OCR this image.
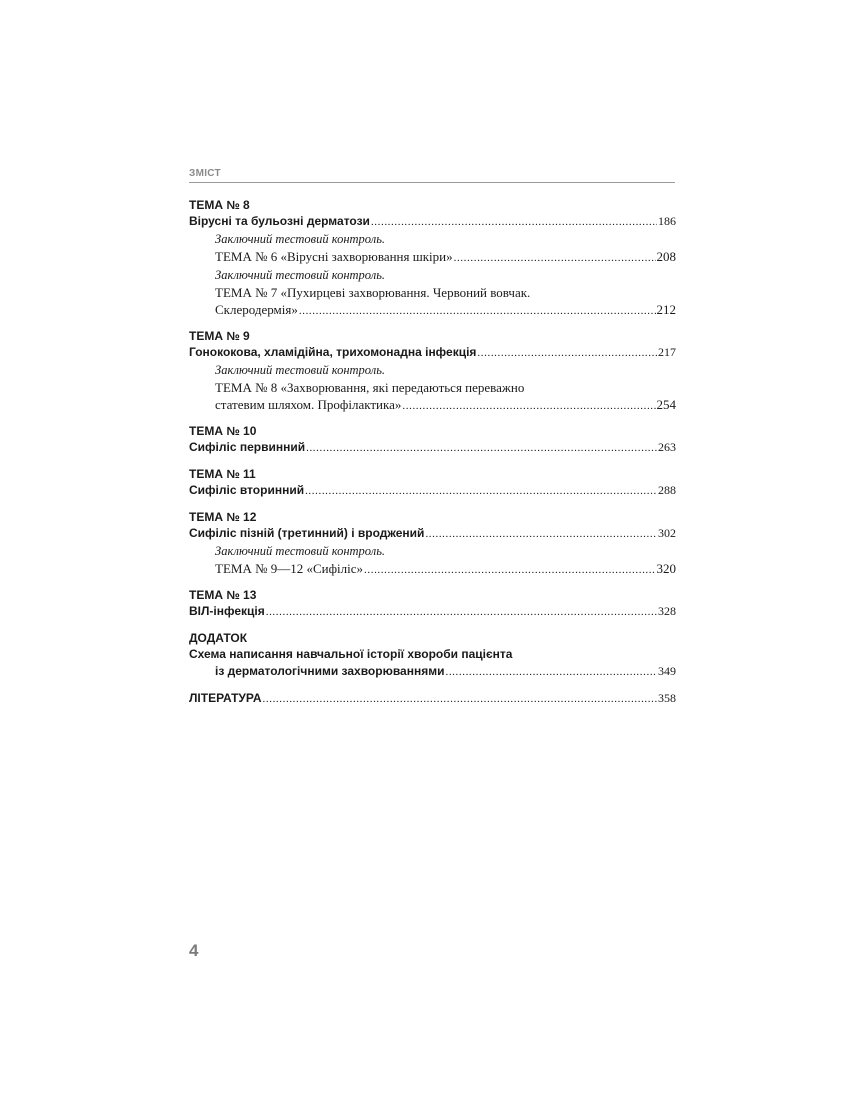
ЗМІСТ
ТЕМА № 8
Вірусні та бульозні дерматози .....	186
Заключний тестовий контроль.
ТЕМА № 6 «Вірусні захворювання шкіри» .....	208
Заключний тестовий контроль.
ТЕМА № 7 «Пухирцеві захворювання. Червоний вовчак.
Склеродермія» .....	212
ТЕМА № 9
Гонококова, хламідійна, трихомонадна інфекція .....	217
Заключний тестовий контроль.
ТЕМА № 8 «Захворювання, які передаються переважно
статевим шляхом. Профілактика» .....	254
ТЕМА № 10
Сифіліс первинний .....	263
ТЕМА № 11
Сифіліс вторинний .....	288
ТЕМА № 12
Сифіліс пізній (третинний) і вроджений .....	302
Заключний тестовий контроль.
ТЕМА № 9—12 «Сифіліс» .....	320
ТЕМА № 13
ВІЛ-інфекція .....	328
ДОДАТОК
Схема написання навчальної історії хвороби пацієнта
із дерматологічними захворюваннями .....	349
ЛІТЕРАТУРА .....	358
4
